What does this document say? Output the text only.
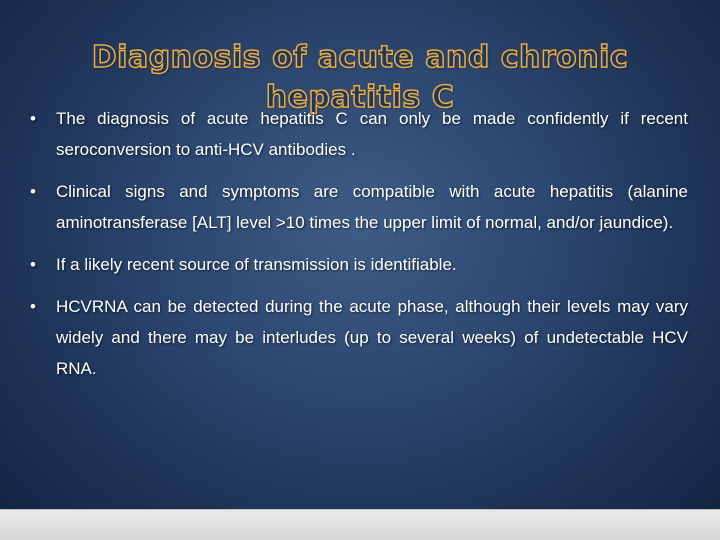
Diagnosis of acute and chronic hepatitis C
•	The diagnosis of acute hepatitis C can only be made confidently if recent seroconversion to anti-HCV antibodies .
•	Clinical signs and symptoms are compatible with acute hepatitis (alanine aminotransferase [ALT] level >10 times the upper limit of normal, and/or jaundice).
•	If a likely recent source of transmission is identifiable.
•	HCVRNA can be detected during the acute phase, although their levels may vary widely and there may be interludes (up to several weeks) of undetectable HCV RNA.
